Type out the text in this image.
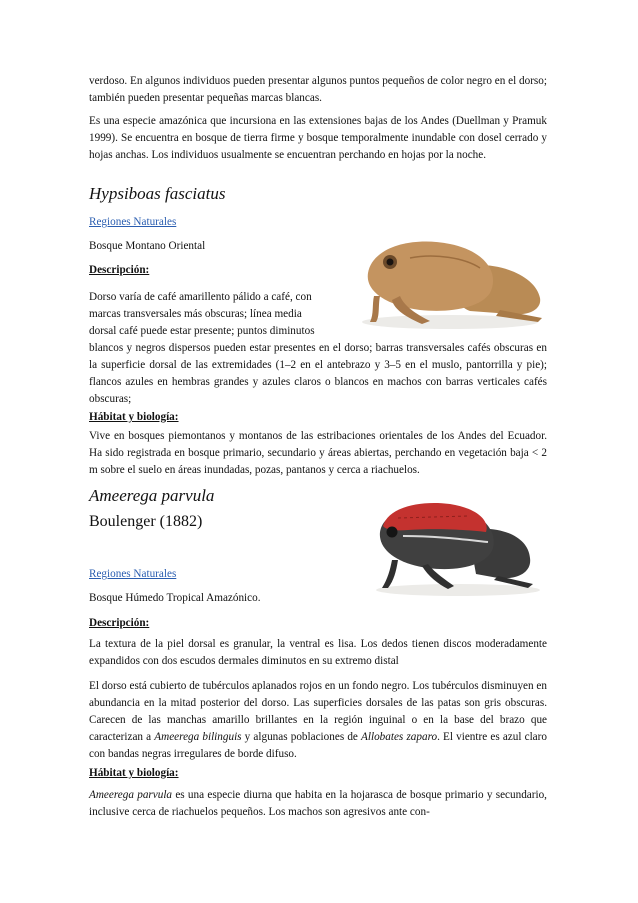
verdoso. En algunos individuos pueden presentar algunos puntos pequeños de color negro en el dorso; también pueden presentar pequeñas marcas blancas.

Es una especie amazónica que incursiona en las extensiones bajas de los Andes (Duellman y Pramuk 1999). Se encuentra en bosque de tierra firme y bosque temporalmente inundable con dosel cerrado y hojas anchas. Los individuos usualmente se encuentran perchando en hojas por la noche.

Hypsiboas fasciatus
Regiones Naturales
Bosque Montano Oriental
Descripción:

Dorso varía de café amarillento pálido a café, con

marcas transversales más obscuras; línea media

dorsal café puede estar presente; puntos diminutos

blancos y negros dispersos pueden estar presentes en el dorso; barras transversales cafés obscuras en la superficie dorsal de las extremidades (1–2 en el antebrazo y 3–5 en el muslo, pantorrilla y pie); flancos azules en hembras grandes y azules claros o blancos en machos con barras verticales cafés obscuras;

Hábitat y biología:

Vive en bosques piemontanos y montanos de las estribaciones orientales de los Andes del Ecuador. Ha sido registrada en bosque primario, secundario y áreas abiertas, perchando en vegetación baja < 2 m sobre el suelo en áreas inundadas, pozas, pantanos y cerca a riachuelos.

Ameerega parvula
Boulenger (1882)
Regiones Naturales
Bosque Húmedo Tropical Amazónico.
Descripción:

La textura de la piel dorsal es granular, la ventral es lisa. Los dedos tienen discos moderadamente expandidos con dos escudos dermales diminutos en su extremo distal

El dorso está cubierto de tubérculos aplanados rojos en un fondo negro. Los tubérculos disminuyen en abundancia en la mitad posterior del dorso. Las superficies dorsales de las patas son gris obscuras. Carecen de las manchas amarillo brillantes en la región inguinal o en la base del brazo que caracterizan a Ameerega bilinguis y algunas poblaciones de Allobates zaparo. El vientre es azul claro con bandas negras irregulares de borde difuso.

Hábitat y biología:

Ameerega parvula es una especie diurna que habita en la hojarasca de bosque primario y secundario, inclusive cerca de riachuelos pequeños. Los machos son agresivos ante con-
